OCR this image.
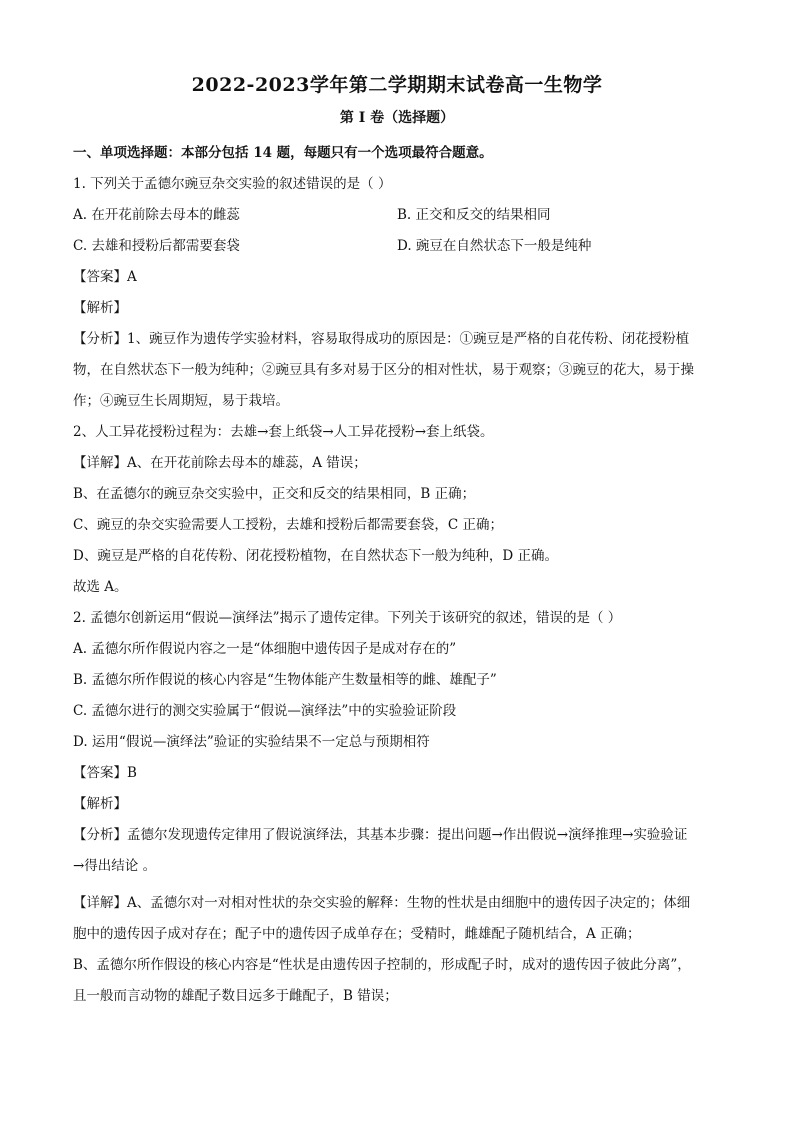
2022-2023学年第二学期期末试卷高一生物学
第 I 卷（选择题）
一、单项选择题：本部分包括 14 题，每题只有一个选项最符合题意。
1. 下列关于孟德尔豌豆杂交实验的叙述错误的是（ ）
A. 在开花前除去母本的雌蕊	B. 正交和反交的结果相同
C. 去雄和授粉后都需要套袋	D. 豌豆在自然状态下一般是纯种
【答案】A
【解析】
【分析】1、豌豆作为遗传学实验材料，容易取得成功的原因是：①豌豆是严格的自花传粉、闭花授粉植
物，在自然状态下一般为纯种；②豌豆具有多对易于区分的相对性状，易于观察；③豌豆的花大，易于操
作；④豌豆生长周期短，易于栽培。
2、人工异花授粉过程为：去雄→套上纸袋→人工异花授粉→套上纸袋。
【详解】A、在开花前除去母本的雄蕊，A 错误；
B、在孟德尔的豌豆杂交实验中，正交和反交的结果相同，B 正确；
C、豌豆的杂交实验需要人工授粉，去雄和授粉后都需要套袋，C 正确；
D、豌豆是严格的自花传粉、闭花授粉植物，在自然状态下一般为纯种，D 正确。
故选 A。
2. 孟德尔创新运用“假说—演绎法”揭示了遗传定律。下列关于该研究的叙述，错误的是（ ）
A. 孟德尔所作假说内容之一是“体细胞中遗传因子是成对存在的”
B. 孟德尔所作假说的核心内容是“生物体能产生数量相等的雌、雄配子”
C. 孟德尔进行的测交实验属于“假说—演绎法”中的实验验证阶段
D. 运用“假说—演绎法”验证的实验结果不一定总与预期相符
【答案】B
【解析】
【分析】孟德尔发现遗传定律用了假说演绎法，其基本步骤：提出问题→作出假说→演绎推理→实验验证
→得出结论 。
【详解】A、孟德尔对一对相对性状的杂交实验的解释：生物的性状是由细胞中的遗传因子决定的；体细
胞中的遗传因子成对存在；配子中的遗传因子成单存在；受精时，雌雄配子随机结合，A 正确；
B、孟德尔所作假设的核心内容是“性状是由遗传因子控制的，形成配子时，成对的遗传因子彼此分离”，
且一般而言动物的雄配子数目远多于雌配子，B 错误；
